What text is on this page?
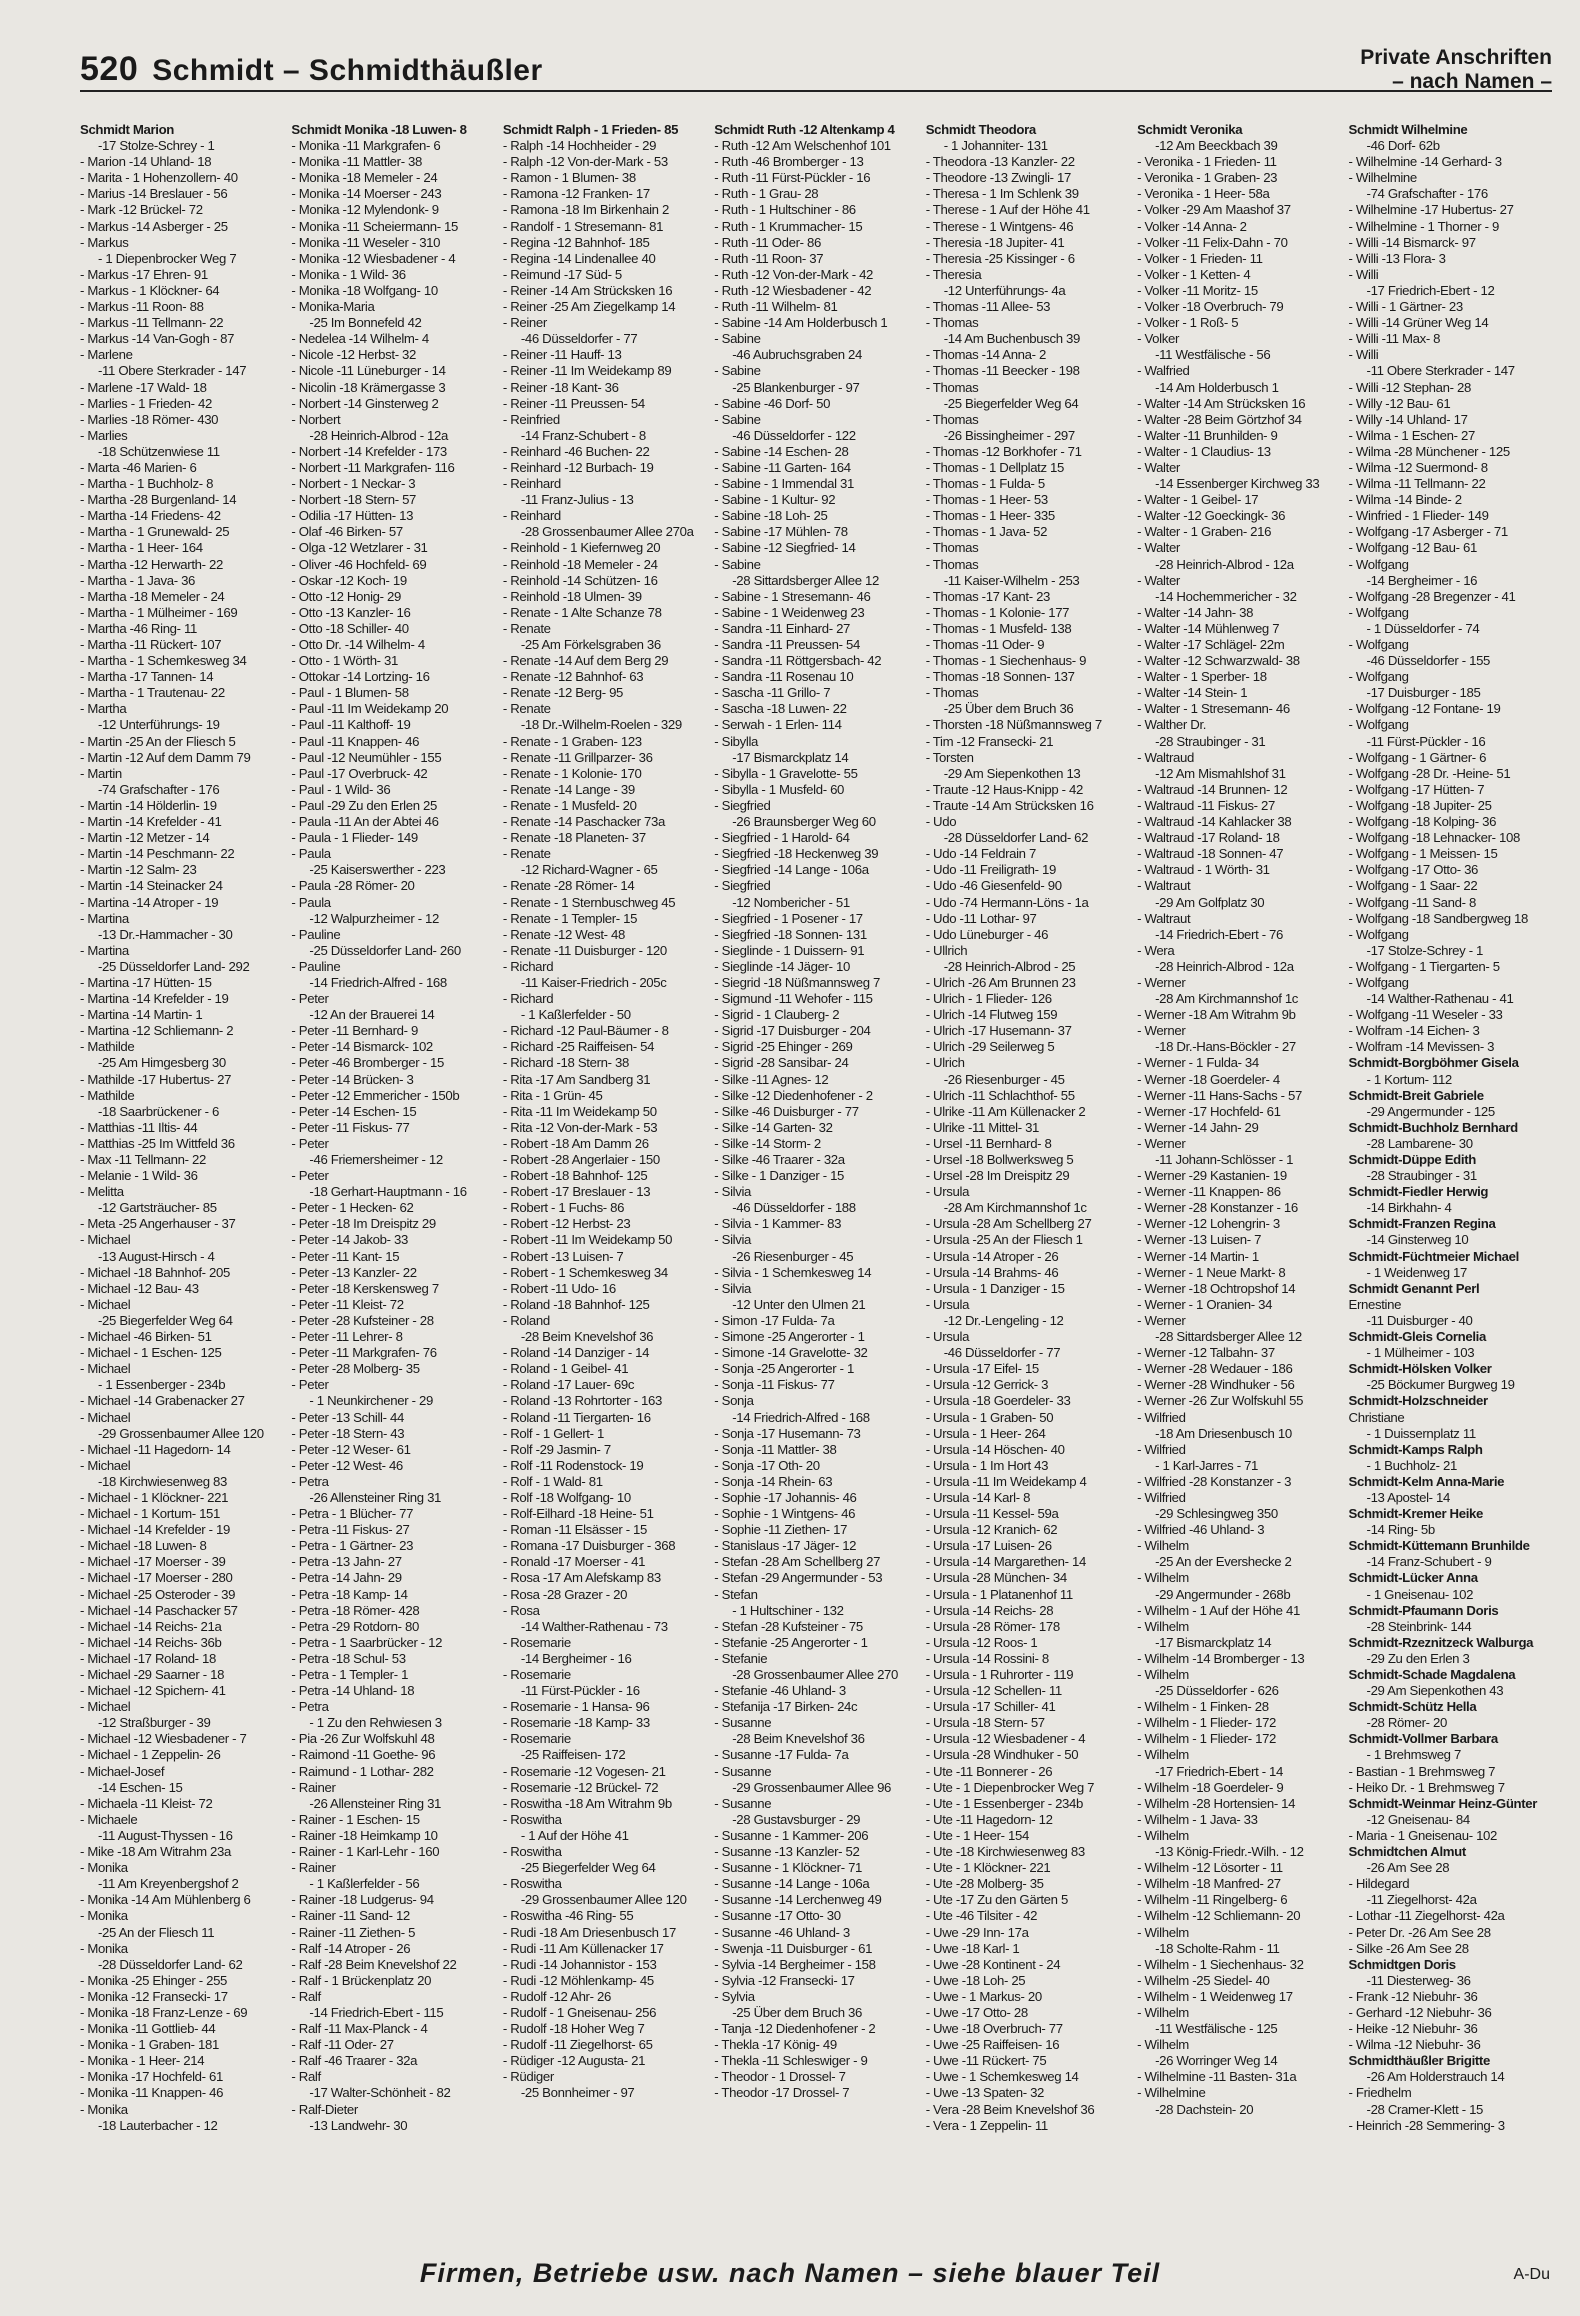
520 Schmidt – Schmidthäußler	Private Anschriften
– nach Namen –
Schmidt Marion
-17 Stolze-Schrey - 1
- Marion -14 Uhland- 18
- Marita - 1 Hohenzollern- 40
- Marius -14 Breslauer - 56
- Mark -12 Brückel- 72
- Markus -14 Asberger - 25
- Markus
- 1 Diepenbrocker Weg 7
- Markus -17 Ehren- 91
- Markus - 1 Klöckner- 64
- Markus -11 Roon- 88
- Markus -11 Tellmann- 22
- Markus -14 Van-Gogh - 87
- Marlene
-11 Obere Sterkrader - 147
- Marlene -17 Wald- 18
- Marlies - 1 Frieden- 42
- Marlies -18 Römer- 430
- Marlies
-18 Schützenwiese 11
- Marta -46 Marien- 6
- Martha - 1 Buchholz- 8
- Martha -28 Burgenland- 14
- Martha -14 Friedens- 42
- Martha - 1 Grunewald- 25
- Martha - 1 Heer- 164
- Martha -12 Herwarth- 22
- Martha - 1 Java- 36
- Martha -18 Memeler - 24
- Martha - 1 Mülheimer - 169
- Martha -46 Ring- 11
- Martha -11 Rückert- 107
- Martha - 1 Schemkesweg 34
- Martha -17 Tannen- 14
- Martha - 1 Trautenau- 22
- Martha
-12 Unterführungs- 19
- Martin -25 An der Fliesch 5
- Martin -12 Auf dem Damm 79
- Martin
-74 Grafschafter - 176
- Martin -14 Hölderlin- 19
- Martin -14 Krefelder - 41
- Martin -12 Metzer - 14
- Martin -14 Peschmann- 22
- Martin -12 Salm- 23
- Martin -14 Steinacker 24
- Martina -14 Atroper - 19
- Martina
-13 Dr.-Hammacher - 30
- Martina
-25 Düsseldorfer Land- 292
- Martina -17 Hütten- 15
- Martina -14 Krefelder - 19
- Martina -14 Martin- 1
- Martina -12 Schliemann- 2
- Mathilde
-25 Am Himgesberg 30
- Mathilde -17 Hubertus- 27
- Mathilde
-18 Saarbrückener - 6
- Matthias -11 Iltis- 44
- Matthias -25 Im Wittfeld 36
- Max -11 Tellmann- 22
- Melanie - 1 Wild- 36
- Melitta
-12 Gartsträucher- 85
- Meta -25 Angerhauser - 37
- Michael
-13 August-Hirsch - 4
- Michael -18 Bahnhof- 205
- Michael -12 Bau- 43
- Michael
-25 Biegerfelder Weg 64
- Michael -46 Birken- 51
- Michael - 1 Eschen- 125
- Michael
- 1 Essenberger - 234b
- Michael -14 Grabenacker 27
- Michael
-29 Grossenbaumer Allee 120
- Michael -11 Hagedorn- 14
- Michael
-18 Kirchwiesenweg 83
- Michael - 1 Klöckner- 221
- Michael - 1 Kortum- 151
- Michael -14 Krefelder - 19
- Michael -18 Luwen- 8
- Michael -17 Moerser - 39
- Michael -17 Moerser - 280
- Michael -25 Osteroder - 39
- Michael -14 Paschacker 57
- Michael -14 Reichs- 21a
- Michael -14 Reichs- 36b
- Michael -17 Roland- 18
- Michael -29 Saarner - 18
- Michael -12 Spichern- 41
- Michael
-12 Straßburger - 39
- Michael -12 Wiesbadener - 7
- Michael - 1 Zeppelin- 26
- Michael-Josef
-14 Eschen- 15
- Michaela -11 Kleist- 72
- Michaele
-11 August-Thyssen - 16
- Mike -18 Am Witrahm 23a
- Monika
-11 Am Kreyenbergshof 2
- Monika -14 Am Mühlenberg 6
- Monika
-25 An der Fliesch 11
- Monika
-28 Düsseldorfer Land- 62
- Monika -25 Ehinger - 255
- Monika -12 Fransecki- 17
- Monika -18 Franz-Lenze - 69
- Monika -11 Gottlieb- 44
- Monika - 1 Graben- 181
- Monika - 1 Heer- 214
- Monika -17 Hochfeld- 61
- Monika -11 Knappen- 46
- Monika
-18 Lauterbacher - 12
Schmidt Monika -18 Luwen- 8
- Monika -11 Markgrafen- 6
- Monika -11 Mattler- 38
- Monika -18 Memeler - 24
- Monika -14 Moerser - 243
- Monika -12 Mylendonk- 9
- Monika -11 Scheiermann- 15
- Monika -11 Weseler - 310
- Monika -12 Wiesbadener - 4
- Monika - 1 Wild- 36
- Monika -18 Wolfgang- 10
- Monika-Maria
-25 Im Bonnefeld 42
- Nedelea -14 Wilhelm- 4
- Nicole -12 Herbst- 32
- Nicole -11 Lüneburger - 14
- Nicolin -18 Krämergasse 3
- Norbert -14 Ginsterweg 2
- Norbert
-28 Heinrich-Albrod - 12a
- Norbert -14 Krefelder - 173
- Norbert -11 Markgrafen- 116
- Norbert - 1 Neckar- 3
- Norbert -18 Stern- 57
- Odilia -17 Hütten- 13
- Olaf -46 Birken- 57
- Olga -12 Wetzlarer - 31
- Oliver -46 Hochfeld- 69
- Oskar -12 Koch- 19
- Otto -12 Honig- 29
- Otto -13 Kanzler- 16
- Otto -18 Schiller- 40
- Otto Dr. -14 Wilhelm- 4
- Otto - 1 Wörth- 31
- Ottokar -14 Lortzing- 16
- Paul - 1 Blumen- 58
- Paul -11 Im Weidekamp 20
- Paul -11 Kalthoff- 19
- Paul -11 Knappen- 46
- Paul -12 Neumühler - 155
- Paul -17 Overbruck- 42
- Paul - 1 Wild- 36
- Paul -29 Zu den Erlen 25
- Paula -11 An der Abtei 46
- Paula - 1 Flieder- 149
- Paula
-25 Kaiserswerther - 223
- Paula -28 Römer- 20
- Paula
-12 Walpurzheimer - 12
- Pauline
-25 Düsseldorfer Land- 260
- Pauline
-14 Friedrich-Alfred - 168
- Peter
-12 An der Brauerei 14
- Peter -11 Bernhard- 9
- Peter -14 Bismarck- 102
- Peter -46 Bromberger - 15
- Peter -14 Brücken- 3
- Peter -12 Emmericher - 150b
- Peter -14 Eschen- 15
- Peter -11 Fiskus- 77
- Peter
-46 Friemersheimer - 12
- Peter
-18 Gerhart-Hauptmann - 16
- Peter - 1 Hecken- 62
- Peter -18 Im Dreispitz 29
- Peter -14 Jakob- 33
- Peter -11 Kant- 15
- Peter -13 Kanzler- 22
- Peter -18 Kerskensweg 7
- Peter -11 Kleist- 72
- Peter -28 Kufsteiner - 28
- Peter -11 Lehrer- 8
- Peter -11 Markgrafen- 76
- Peter -28 Molberg- 35
- Peter
- 1 Neunkirchener - 29
- Peter -13 Schill- 44
- Peter -18 Stern- 43
- Peter -12 Weser- 61
- Peter -12 West- 46
- Petra
-26 Allensteiner Ring 31
- Petra - 1 Blücher- 77
- Petra -11 Fiskus- 27
- Petra - 1 Gärtner- 23
- Petra -13 Jahn- 27
- Petra -14 Jahn- 29
- Petra -18 Kamp- 14
- Petra -18 Römer- 428
- Petra -29 Rotdorn- 80
- Petra - 1 Saarbrücker - 12
- Petra -18 Schul- 53
- Petra - 1 Templer- 1
- Petra -14 Uhland- 18
- Petra
- 1 Zu den Rehwiesen 3
- Pia -26 Zur Wolfskuhl 48
- Raimond -11 Goethe- 96
- Raimund - 1 Lothar- 282
- Rainer
-26 Allensteiner Ring 31
- Rainer - 1 Eschen- 15
- Rainer -18 Heimkamp 10
- Rainer - 1 Karl-Lehr - 160
- Rainer
- 1 Kaßlerfelder - 56
- Rainer -18 Ludgerus- 94
- Rainer -11 Sand- 12
- Rainer -11 Ziethen- 5
- Ralf -14 Atroper - 26
- Ralf -28 Beim Knevelshof 22
- Ralf - 1 Brückenplatz 20
- Ralf
-14 Friedrich-Ebert - 115
- Ralf -11 Max-Planck - 4
- Ralf -11 Oder- 27
- Ralf -46 Traarer - 32a
- Ralf
-17 Walter-Schönheit - 82
- Ralf-Dieter
-13 Landwehr- 30
Schmidt Ralph - 1 Frieden- 85
- Ralph -14 Hochheider - 29
- Ralph -12 Von-der-Mark - 53
- Ramon - 1 Blumen- 38
- Ramona -12 Franken- 17
- Ramona -18 Im Birkenhain 2
- Randolf - 1 Stresemann- 81
- Regina -12 Bahnhof- 185
- Regina -14 Lindenallee 40
- Reimund -17 Süd- 5
- Reiner -14 Am Strücksken 16
- Reiner -25 Am Ziegelkamp 14
- Reiner
-46 Düsseldorfer - 77
- Reiner -11 Hauff- 13
- Reiner -11 Im Weidekamp 89
- Reiner -18 Kant- 36
- Reiner -11 Preussen- 54
- Reinfried
-14 Franz-Schubert - 8
- Reinhard -46 Buchen- 22
- Reinhard -12 Burbach- 19
- Reinhard
-11 Franz-Julius - 13
- Reinhard
-28 Grossenbaumer Allee 270a
- Reinhold - 1 Kiefernweg 20
- Reinhold -18 Memeler - 24
- Reinhold -14 Schützen- 16
- Reinhold -18 Ulmen- 39
- Renate - 1 Alte Schanze 78
- Renate
-25 Am Förkelsgraben 36
- Renate -14 Auf dem Berg 29
- Renate -12 Bahnhof- 63
- Renate -12 Berg- 95
- Renate
-18 Dr.-Wilhelm-Roelen - 329
- Renate - 1 Graben- 123
- Renate -11 Grillparzer- 36
- Renate - 1 Kolonie- 170
- Renate -14 Lange - 39
- Renate - 1 Musfeld- 20
- Renate -14 Paschacker 73a
- Renate -18 Planeten- 37
- Renate
-12 Richard-Wagner - 65
- Renate -28 Römer- 14
- Renate - 1 Sternbuschweg 45
- Renate - 1 Templer- 15
- Renate -12 West- 48
- Renate -11 Duisburger - 120
- Richard
-11 Kaiser-Friedrich - 205c
- Richard
- 1 Kaßlerfelder - 50
- Richard -12 Paul-Bäumer - 8
- Richard -25 Raiffeisen- 54
- Richard -18 Stern- 38
- Rita -17 Am Sandberg 31
- Rita - 1 Grün- 45
- Rita -11 Im Weidekamp 50
- Rita -12 Von-der-Mark - 53
- Robert -18 Am Damm 26
- Robert -28 Angerlaier - 150
- Robert -18 Bahnhof- 125
- Robert -17 Breslauer - 13
- Robert - 1 Fuchs- 86
- Robert -12 Herbst- 23
- Robert -11 Im Weidekamp 50
- Robert -13 Luisen- 7
- Robert - 1 Schemkesweg 34
- Robert -11 Udo- 16
- Roland -18 Bahnhof- 125
- Roland
-28 Beim Knevelshof 36
- Roland -14 Danziger - 14
- Roland - 1 Geibel- 41
- Roland -17 Lauer- 69c
- Roland -13 Rohrtorter - 163
- Roland -11 Tiergarten- 16
- Rolf - 1 Gellert- 1
- Rolf -29 Jasmin- 7
- Rolf -11 Rodenstock- 19
- Rolf - 1 Wald- 81
- Rolf -18 Wolfgang- 10
- Rolf-Eilhard -18 Heine- 51
- Roman -11 Elsässer - 15
- Romana -17 Duisburger - 368
- Ronald -17 Moerser - 41
- Rosa -17 Am Alefskamp 83
- Rosa -28 Grazer - 20
- Rosa
-14 Walther-Rathenau - 73
- Rosemarie
-14 Bergheimer - 16
- Rosemarie
-11 Fürst-Pückler - 16
- Rosemarie - 1 Hansa- 96
- Rosemarie -18 Kamp- 33
- Rosemarie
-25 Raiffeisen- 172
- Rosemarie -12 Vogesen- 21
- Rosemarie -12 Brückel- 72
- Roswitha -18 Am Witrahm 9b
- Roswitha
- 1 Auf der Höhe 41
- Roswitha
-25 Biegerfelder Weg 64
- Roswitha
-29 Grossenbaumer Allee 120
- Roswitha -46 Ring- 55
- Rudi -18 Am Driesenbusch 17
- Rudi -11 Am Küllenacker 17
- Rudi -14 Johannistor - 153
- Rudi -12 Möhlenkamp- 45
- Rudolf -12 Ahr- 26
- Rudolf - 1 Gneisenau- 256
- Rudolf -18 Hoher Weg 7
- Rudolf -11 Ziegelhorst- 65
- Rüdiger -12 Augusta- 21
- Rüdiger
-25 Bonnheimer - 97
Schmidt Ruth -12 Altenkamp 4
- Ruth -12 Am Welschenhof 101
- Ruth -46 Bromberger - 13
- Ruth -11 Fürst-Pückler - 16
- Ruth - 1 Grau- 28
- Ruth - 1 Hultschiner - 86
- Ruth - 1 Krummacher- 15
- Ruth -11 Oder- 86
- Ruth -11 Roon- 37
- Ruth -12 Von-der-Mark - 42
- Ruth -12 Wiesbadener - 42
- Ruth -11 Wilhelm- 81
- Sabine -14 Am Holderbusch 1
- Sabine
-46 Aubruchsgraben 24
- Sabine
-25 Blankenburger - 97
- Sabine -46 Dorf- 50
- Sabine
-46 Düsseldorfer - 122
- Sabine -14 Eschen- 28
- Sabine -11 Garten- 164
- Sabine - 1 Immendal 31
- Sabine - 1 Kultur- 92
- Sabine -18 Loh- 25
- Sabine -17 Mühlen- 78
- Sabine -12 Siegfried- 14
- Sabine
-28 Sittardsberger Allee 12
- Sabine - 1 Stresemann- 46
- Sabine - 1 Weidenweg 23
- Sandra -11 Einhard- 27
- Sandra -11 Preussen- 54
- Sandra -11 Röttgersbach- 42
- Sandra -11 Rosenau 10
- Sascha -11 Grillo- 7
- Sascha -18 Luwen- 22
- Serwah - 1 Erlen- 114
- Sibylla
-17 Bismarckplatz 14
- Sibylla - 1 Gravelotte- 55
- Sibylla - 1 Musfeld- 60
- Siegfried
-26 Braunsberger Weg 60
- Siegfried - 1 Harold- 64
- Siegfried -18 Heckenweg 39
- Siegfried -14 Lange - 106a
- Siegfried
-12 Nombericher - 51
- Siegfried - 1 Posener - 17
- Siegfried -18 Sonnen- 131
- Sieglinde - 1 Duissern- 91
- Sieglinde -14 Jäger- 10
- Siegrid -18 Nüßmannsweg 7
- Sigmund -11 Wehofer - 115
- Sigrid - 1 Clauberg- 2
- Sigrid -17 Duisburger - 204
- Sigrid -25 Ehinger - 269
- Sigrid -28 Sansibar- 24
- Silke -11 Agnes- 12
- Silke -12 Diedenhofener - 2
- Silke -46 Duisburger - 77
- Silke -14 Garten- 32
- Silke -14 Storm- 2
- Silke -46 Traarer - 32a
- Silke - 1 Danziger - 15
- Silvia
-46 Düsseldorfer - 188
- Silvia - 1 Kammer- 83
- Silvia
-26 Riesenburger - 45
- Silvia - 1 Schemkesweg 14
- Silvia
-12 Unter den Ulmen 21
- Simon -17 Fulda- 7a
- Simone -25 Angerorter - 1
- Simone -14 Gravelotte- 32
- Sonja -25 Angerorter - 1
- Sonja -11 Fiskus- 77
- Sonja
-14 Friedrich-Alfred - 168
- Sonja -17 Husemann- 73
- Sonja -11 Mattler- 38
- Sonja -17 Oth- 20
- Sonja -14 Rhein- 63
- Sophie -17 Johannis- 46
- Sophie - 1 Wintgens- 46
- Sophie -11 Ziethen- 17
- Stanislaus -17 Jäger- 12
- Stefan -28 Am Schellberg 27
- Stefan -29 Angermunder - 53
- Stefan
- 1 Hultschiner - 132
- Stefan -28 Kufsteiner - 75
- Stefanie -25 Angerorter - 1
- Stefanie
-28 Grossenbaumer Allee 270
- Stefanie -46 Uhland- 3
- Stefanija -17 Birken- 24c
- Susanne
-28 Beim Knevelshof 36
- Susanne -17 Fulda- 7a
- Susanne
-29 Grossenbaumer Allee 96
- Susanne
-28 Gustavsburger - 29
- Susanne - 1 Kammer- 206
- Susanne -13 Kanzler- 52
- Susanne - 1 Klöckner- 71
- Susanne -14 Lange - 106a
- Susanne -14 Lerchenweg 49
- Susanne -17 Otto- 30
- Susanne -46 Uhland- 3
- Swenja -11 Duisburger - 61
- Sylvia -14 Bergheimer - 158
- Sylvia -12 Fransecki- 17
- Sylvia
-25 Über dem Bruch 36
- Tanja -12 Diedenhofener - 2
- Thekla -17 König- 49
- Thekla -11 Schleswiger - 9
- Theodor - 1 Drossel- 7
- Theodor -17 Drossel- 7
Schmidt Theodora
- 1 Johanniter- 131
- Theodora -13 Kanzler- 22
- Theodore -13 Zwingli- 17
- Theresa - 1 Im Schlenk 39
- Therese - 1 Auf der Höhe 41
- Therese - 1 Wintgens- 46
- Theresia -18 Jupiter- 41
- Theresia -25 Kissinger - 6
- Theresia
-12 Unterführungs- 4a
- Thomas -11 Allee- 53
- Thomas
-14 Am Buchenbusch 39
- Thomas -14 Anna- 2
- Thomas -11 Beecker - 198
- Thomas
-25 Biegerfelder Weg 64
- Thomas
-26 Bissingheimer - 297
- Thomas -12 Borkhofer - 71
- Thomas - 1 Dellplatz 15
- Thomas - 1 Fulda- 5
- Thomas - 1 Heer- 53
- Thomas - 1 Heer- 335
- Thomas - 1 Java- 52
- Thomas
- Thomas
-11 Kaiser-Wilhelm - 253
- Thomas -17 Kant- 23
- Thomas - 1 Kolonie- 177
- Thomas - 1 Musfeld- 138
- Thomas -11 Oder- 9
- Thomas - 1 Siechenhaus- 9
- Thomas -18 Sonnen- 137
- Thomas
-25 Über dem Bruch 36
- Thorsten -18 Nüßmannsweg 7
- Tim -12 Fransecki- 21
- Torsten
-29 Am Siepenkothen 13
- Traute -12 Haus-Knipp - 42
- Traute -14 Am Strücksken 16
- Udo
-28 Düsseldorfer Land- 62
- Udo -14 Feldrain 7
- Udo -11 Freiligrath- 19
- Udo -46 Giesenfeld- 90
- Udo -74 Hermann-Löns - 1a
- Udo -11 Lothar- 97
- Udo Lüneburger - 46
- Ullrich
-28 Heinrich-Albrod - 25
- Ulrich -26 Am Brunnen 23
- Ulrich - 1 Flieder- 126
- Ulrich -14 Flutweg 159
- Ulrich -17 Husemann- 37
- Ulrich -29 Seilerweg 5
- Ulrich
-26 Riesenburger - 45
- Ulrich -11 Schlachthof- 55
- Ulrike -11 Am Küllenacker 2
- Ulrike -11 Mittel- 31
- Ursel -11 Bernhard- 8
- Ursel -18 Bollwerksweg 5
- Ursel -28 Im Dreispitz 29
- Ursula
-28 Am Kirchmannshof 1c
- Ursula -28 Am Schellberg 27
- Ursula -25 An der Fliesch 1
- Ursula -14 Atroper - 26
- Ursula -14 Brahms- 46
- Ursula - 1 Danziger - 15
- Ursula
-12 Dr.-Lengeling - 12
- Ursula
-46 Düsseldorfer - 77
- Ursula -17 Eifel- 15
- Ursula -12 Gerrick- 3
- Ursula -18 Goerdeler- 33
- Ursula - 1 Graben- 50
- Ursula - 1 Heer- 264
- Ursula -14 Höschen- 40
- Ursula - 1 Im Hort 43
- Ursula -11 Im Weidekamp 4
- Ursula -14 Karl- 8
- Ursula -11 Kessel- 59a
- Ursula -12 Kranich- 62
- Ursula -17 Luisen- 26
- Ursula -14 Margarethen- 14
- Ursula -28 München- 34
- Ursula - 1 Platanenhof 11
- Ursula -14 Reichs- 28
- Ursula -28 Römer- 178
- Ursula -12 Roos- 1
- Ursula -14 Rossini- 8
- Ursula - 1 Ruhrorter - 119
- Ursula -12 Schellen- 11
- Ursula -17 Schiller- 41
- Ursula -18 Stern- 57
- Ursula -12 Wiesbadener - 4
- Ursula -28 Windhuker - 50
- Ute -11 Bonnerer - 26
- Ute - 1 Diepenbrocker Weg 7
- Ute - 1 Essenberger - 234b
- Ute -11 Hagedorn- 12
- Ute - 1 Heer- 154
- Ute -18 Kirchwiesenweg 83
- Ute - 1 Klöckner- 221
- Ute -28 Molberg- 35
- Ute -17 Zu den Gärten 5
- Ute -46 Tilsiter - 42
- Uwe -29 Inn- 17a
- Uwe -18 Karl- 1
- Uwe -28 Kontinent - 24
- Uwe -18 Loh- 25
- Uwe - 1 Markus- 20
- Uwe -17 Otto- 28
- Uwe -18 Overbruch- 77
- Uwe -25 Raiffeisen- 16
- Uwe -11 Rückert- 75
- Uwe - 1 Schemkesweg 14
- Uwe -13 Spaten- 32
- Vera -28 Beim Knevelshof 36
- Vera - 1 Zeppelin- 11
Schmidt Veronika
-12 Am Beeckbach 39
- Veronika - 1 Frieden- 11
- Veronika - 1 Graben- 23
- Veronika - 1 Heer- 58a
- Volker -29 Am Maashof 37
- Volker -14 Anna- 2
- Volker -11 Felix-Dahn - 70
- Volker - 1 Frieden- 11
- Volker - 1 Ketten- 4
- Volker -11 Moritz- 15
- Volker -18 Overbruch- 79
- Volker - 1 Roß- 5
- Volker
-11 Westfälische - 56
- Walfried
-14 Am Holderbusch 1
- Walter -14 Am Strücksken 16
- Walter -28 Beim Görtzhof 34
- Walter -11 Brunhilden- 9
- Walter - 1 Claudius- 13
- Walter
-14 Essenberger Kirchweg 33
- Walter - 1 Geibel- 17
- Walter -12 Goeckingk- 36
- Walter - 1 Graben- 216
- Walter
-28 Heinrich-Albrod - 12a
- Walter
-14 Hochemmericher - 32
- Walter -14 Jahn- 38
- Walter -14 Mühlenweg 7
- Walter -17 Schlägel- 22m
- Walter -12 Schwarzwald- 38
- Walter - 1 Sperber- 18
- Walter -14 Stein- 1
- Walter - 1 Stresemann- 46
- Walther Dr.
-28 Straubinger - 31
- Waltraud
-12 Am Mismahlshof 31
- Waltraud -14 Brunnen- 12
- Waltraud -11 Fiskus- 27
- Waltraud -14 Kahlacker 38
- Waltraud -17 Roland- 18
- Waltraud -18 Sonnen- 47
- Waltraud - 1 Wörth- 31
- Waltraut
-29 Am Golfplatz 30
- Waltraut
-14 Friedrich-Ebert - 76
- Wera
-28 Heinrich-Albrod - 12a
- Werner
-28 Am Kirchmannshof 1c
- Werner -18 Am Witrahm 9b
- Werner
-18 Dr.-Hans-Böckler - 27
- Werner - 1 Fulda- 34
- Werner -18 Goerdeler- 4
- Werner -11 Hans-Sachs - 57
- Werner -17 Hochfeld- 61
- Werner -14 Jahn- 29
- Werner
-11 Johann-Schlösser - 1
- Werner -29 Kastanien- 19
- Werner -11 Knappen- 86
- Werner -28 Konstanzer - 16
- Werner -12 Lohengrin- 3
- Werner -13 Luisen- 7
- Werner -14 Martin- 1
- Werner - 1 Neue Markt- 8
- Werner -18 Ochtropshof 14
- Werner - 1 Oranien- 34
- Werner
-28 Sittardsberger Allee 12
- Werner -12 Talbahn- 37
- Werner -28 Wedauer - 186
- Werner -28 Windhuker - 56
- Werner -26 Zur Wolfskuhl 55
- Wilfried
-18 Am Driesenbusch 10
- Wilfried
- 1 Karl-Jarres - 71
- Wilfried -28 Konstanzer - 3
- Wilfried
-29 Schlesingweg 350
- Wilfried -46 Uhland- 3
- Wilhelm
-25 An der Eversheckе 2
- Wilhelm
-29 Angermunder - 268b
- Wilhelm - 1 Auf der Höhe 41
- Wilhelm
-17 Bismarckplatz 14
- Wilhelm -14 Bromberger - 13
- Wilhelm
-25 Düsseldorfer - 626
- Wilhelm - 1 Finken- 28
- Wilhelm - 1 Flieder- 172
- Wilhelm - 1 Flieder- 172
- Wilhelm
-17 Friedrich-Ebert - 14
- Wilhelm -18 Goerdeler- 9
- Wilhelm -28 Hortensien- 14
- Wilhelm - 1 Java- 33
- Wilhelm
-13 König-Friedr.-Wilh. - 12
- Wilhelm -12 Lösorter - 11
- Wilhelm -18 Manfred- 27
- Wilhelm -11 Ringelberg- 6
- Wilhelm -12 Schliemann- 20
- Wilhelm
-18 Scholte-Rahm - 11
- Wilhelm - 1 Siechenhaus- 32
- Wilhelm -25 Siedel- 40
- Wilhelm - 1 Weidenweg 17
- Wilhelm
-11 Westfälische - 125
- Wilhelm
-26 Worringer Weg 14
- Wilhelmine -11 Basten- 31a
- Wilhelmine
-28 Dachstein- 20
Schmidt Wilhelmine
-46 Dorf- 62b
- Wilhelmine -14 Gerhard- 3
- Wilhelmine
-74 Grafschafter - 176
- Wilhelmine -17 Hubertus- 27
- Wilhelmine - 1 Thorner - 9
- Willi -14 Bismarck- 97
- Willi -13 Flora- 3
- Willi
-17 Friedrich-Ebert - 12
- Willi - 1 Gärtner- 23
- Willi -14 Grüner Weg 14
- Willi -11 Max- 8
- Willi
-11 Obere Sterkrader - 147
- Willi -12 Stephan- 28
- Willy -12 Bau- 61
- Willy -14 Uhland- 17
- Wilma - 1 Eschen- 27
- Wilma -28 Münchener - 125
- Wilma -12 Suermond- 8
- Wilma -11 Tellmann- 22
- Wilma -14 Binde- 2
- Winfried - 1 Flieder- 149
- Wolfgang -17 Asberger - 71
- Wolfgang -12 Bau- 61
- Wolfgang
-14 Bergheimer - 16
- Wolfgang -28 Bregenzer - 41
- Wolfgang
- 1 Düsseldorfer - 74
- Wolfgang
-46 Düsseldorfer - 155
- Wolfgang
-17 Duisburger - 185
- Wolfgang -12 Fontane- 19
- Wolfgang
-11 Fürst-Pückler - 16
- Wolfgang - 1 Gärtner- 6
- Wolfgang -28 Dr. -Heine- 51
- Wolfgang -17 Hütten- 7
- Wolfgang -18 Jupiter- 25
- Wolfgang -18 Kolping- 36
- Wolfgang -18 Lehnacker- 108
- Wolfgang - 1 Meissen- 15
- Wolfgang -17 Otto- 36
- Wolfgang - 1 Saar- 22
- Wolfgang -11 Sand- 8
- Wolfgang -18 Sandbergweg 18
- Wolfgang
-17 Stolze-Schrey - 1
- Wolfgang - 1 Tiergarten- 5
- Wolfgang
-14 Walther-Rathenau - 41
- Wolfgang -11 Weseler - 33
- Wolfram -14 Eichen- 3
- Wolfram -14 Mevissen- 3
Schmidt-Borgböhmer Gisela
- 1 Kortum- 112
Schmidt-Breit Gabriele
-29 Angermunder - 125
Schmidt-Buchholz Bernhard
-28 Lambarene- 30
Schmidt-Düppe Edith
-28 Straubinger - 31
Schmidt-Fiedler Herwig
-14 Birkhahn- 4
Schmidt-Franzen Regina
-14 Ginsterweg 10
Schmidt-Füchtmeier Michael
- 1 Weidenweg 17
Schmidt Genannt Perl
Ernestine
-11 Duisburger - 40
Schmidt-Gleis Cornelia
- 1 Mülheimer - 103
Schmidt-Hölsken Volker
-25 Böckumer Burgweg 19
Schmidt-Holzschneider
Christiane
- 1 Duissernplatz 11
Schmidt-Kamps Ralph
- 1 Buchholz- 21
Schmidt-Kelm Anna-Marie
-13 Apostel- 14
Schmidt-Kremer Heike
-14 Ring- 5b
Schmidt-Küttemann Brunhilde
-14 Franz-Schubert - 9
Schmidt-Lücker Anna
- 1 Gneisenau- 102
Schmidt-Pfaumann Doris
-28 Steinbrink- 144
Schmidt-Rzeznitzeck Walburga
-29 Zu den Erlen 3
Schmidt-Schade Magdalena
-29 Am Siepenkothen 43
Schmidt-Schütz Hella
-28 Römer- 20
Schmidt-Vollmer Barbara
- 1 Brehmsweg 7
- Bastian - 1 Brehmsweg 7
- Heiko Dr. - 1 Brehmsweg 7
Schmidt-Weinmar Heinz-Günter
-12 Gneisenau- 84
- Maria - 1 Gneisenau- 102
Schmidtchen Almut
-26 Am See 28
- Hildegard
-11 Ziegelhorst- 42a
- Lothar -11 Ziegelhorst- 42a
- Peter Dr. -26 Am See 28
- Silke -26 Am See 28
Schmidtgen Doris
-11 Diesterweg- 36
- Frank -12 Niebuhr- 36
- Gerhard -12 Niebuhr- 36
- Heike -12 Niebuhr- 36
- Wilma -12 Niebuhr- 36
Schmidthäußler Brigitte
-26 Am Holderstrauch 14
- Friedhelm
-28 Cramer-Klett - 15
- Heinrich -28 Semmering- 3
Firmen, Betriebe usw. nach Namen – siehe blauer Teil	A-Du
